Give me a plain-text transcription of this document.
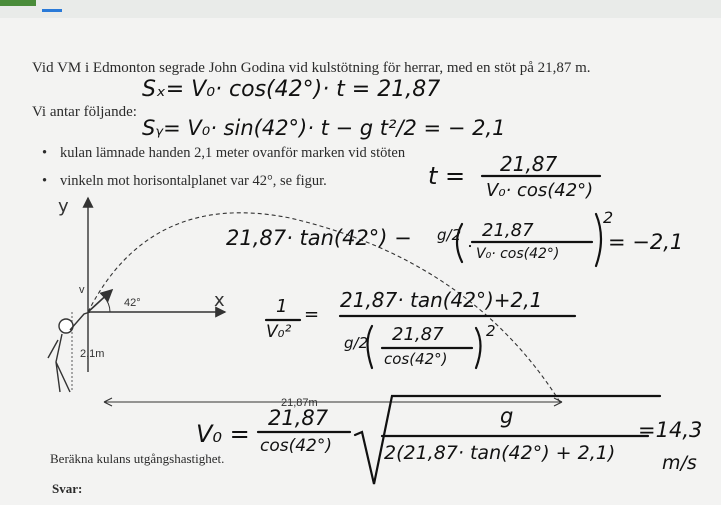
Vid VM i Edmonton segrade John Godina vid kulstötning för herrar, med en stöt på 21,87 m.
Vi antar följande:
• kulan lämnade handen 2,1 meter ovanför marken vid stöten
• vinkeln mot horisontalplanet var 42°, se figur.
Beräkna kulans utgångshastighet.
Svar:
y
x
v
42°
2,1m
21,87m
Sₓ= V₀· cos(42°)· t = 21,87
Sᵧ= V₀· sin(42°)· t − g t²/2 = − 2,1
t = 21,87
V₀· cos(42°)
21,87· tan(42°) − g/2 21,87
V₀· cos(42°)
2
= −2,1
1
V₀²
=
21,87· tan(42°)+2,1
g/2 21,87
cos(42°)
2
V₀ =
21,87
cos(42°)
g
2(21,87· tan(42°) + 2,1)
=14,3
m/s
